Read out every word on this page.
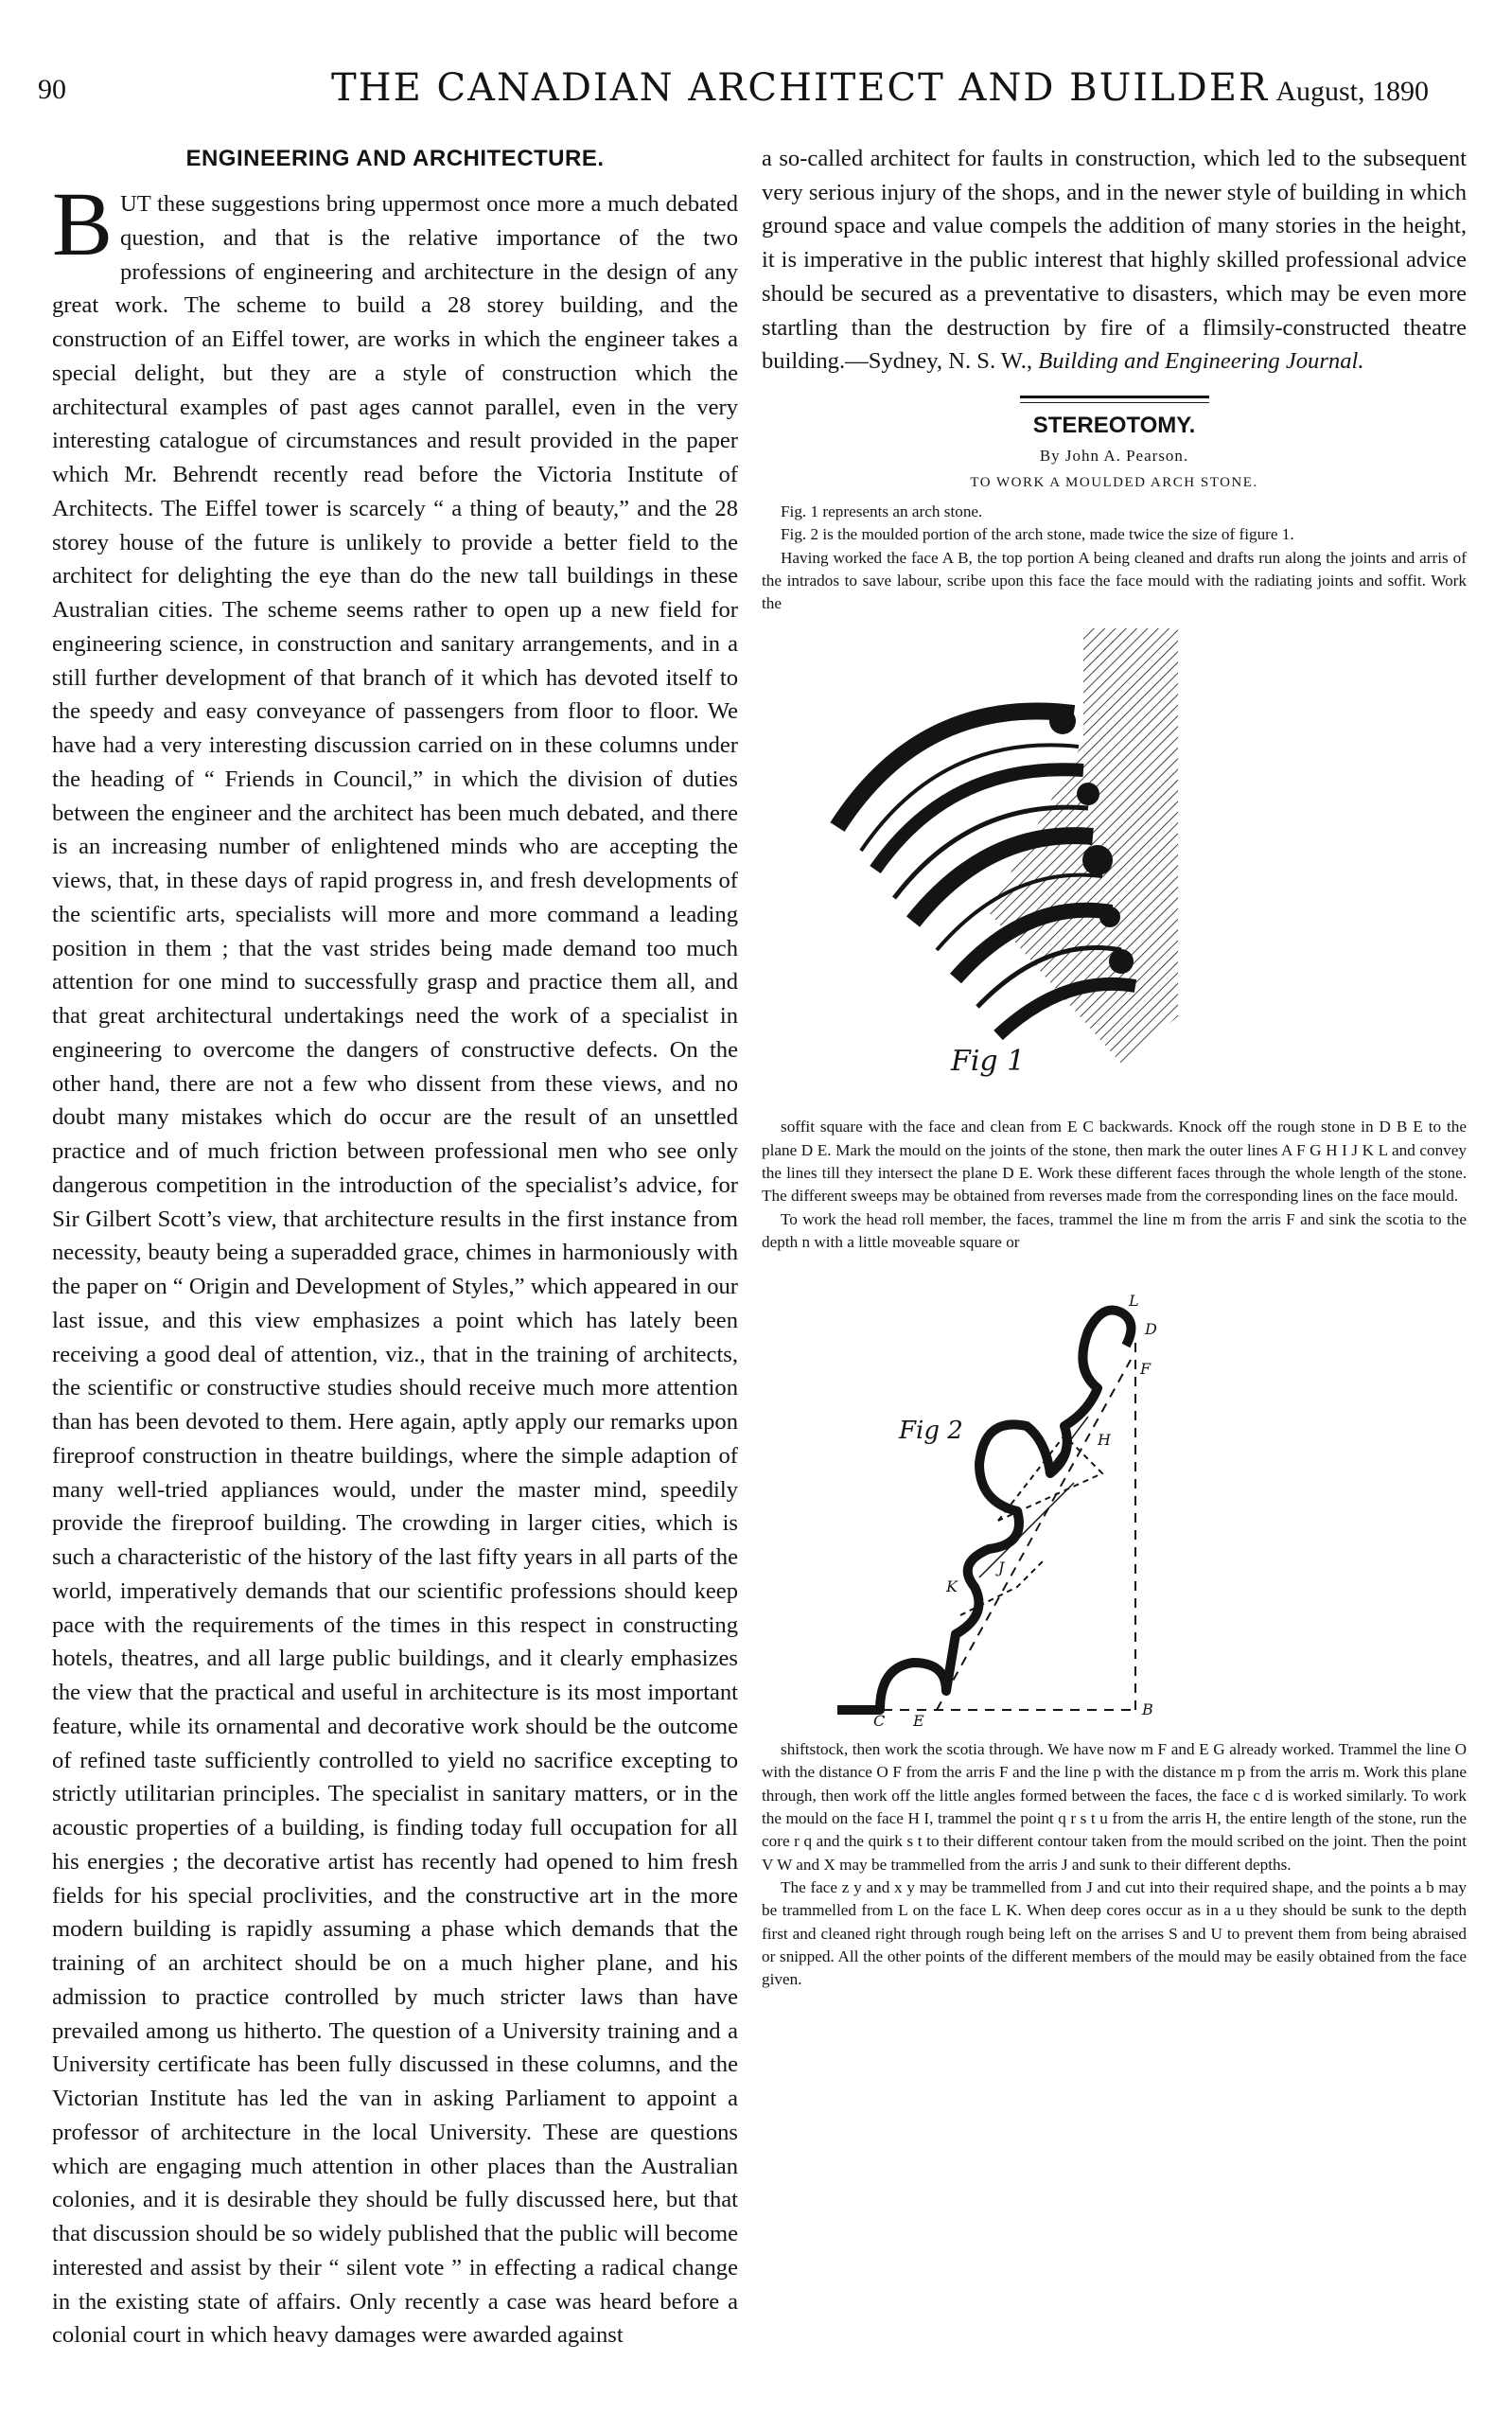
90	THE CANADIAN ARCHITECT AND BUILDER August, 1890
ENGINEERING AND ARCHITECTURE.
BUT these suggestions bring uppermost once more a much debated question, and that is the relative importance of the two professions of engineering and architecture in the design of any great work. The scheme to build a 28 storey building, and the construction of an Eiffel tower, are works in which the engineer takes a special delight, but they are a style of construction which the architectural examples of past ages cannot parallel, even in the very interesting catalogue of circumstances and result provided in the paper which Mr. Behrendt recently read before the Victoria Institute of Architects. The Eiffel tower is scarcely “ a thing of beauty,” and the 28 storey house of the future is unlikely to provide a better field to the architect for delighting the eye than do the new tall buildings in these Australian cities. The scheme seems rather to open up a new field for engineering science, in construction and sanitary arrangements, and in a still further development of that branch of it which has devoted itself to the speedy and easy conveyance of passengers from floor to floor. We have had a very interesting discussion carried on in these columns under the heading of “ Friends in Council,” in which the division of duties between the engineer and the architect has been much debated, and there is an increasing number of enlightened minds who are accepting the views, that, in these days of rapid progress in, and fresh developments of the scientific arts, specialists will more and more command a leading position in them ; that the vast strides being made demand too much attention for one mind to successfully grasp and practice them all, and that great architectural undertakings need the work of a specialist in engineering to overcome the dangers of constructive defects. On the other hand, there are not a few who dissent from these views, and no doubt many mistakes which do occur are the result of an unsettled practice and of much friction between professional men who see only dangerous competition in the introduction of the specialist’s advice, for Sir Gilbert Scott’s view, that architecture results in the first instance from necessity, beauty being a superadded grace, chimes in harmoniously with the paper on “ Origin and Development of Styles,” which appeared in our last issue, and this view emphasizes a point which has lately been receiving a good deal of attention, viz., that in the training of architects, the scientific or constructive studies should receive much more attention than has been devoted to them. Here again, aptly apply our remarks upon fireproof construction in theatre buildings, where the simple adaption of many well-tried appliances would, under the master mind, speedily provide the fireproof building. The crowding in larger cities, which is such a characteristic of the history of the last fifty years in all parts of the world, imperatively demands that our scientific professions should keep pace with the requirements of the times in this respect in constructing hotels, theatres, and all large public buildings, and it clearly emphasizes the view that the practical and useful in architecture is its most important feature, while its ornamental and decorative work should be the outcome of refined taste sufficiently controlled to yield no sacrifice excepting to strictly utilitarian principles. The specialist in sanitary matters, or in the acoustic properties of a building, is finding today full occupation for all his energies ; the decorative artist has recently had opened to him fresh fields for his special proclivities, and the constructive art in the more modern building is rapidly assuming a phase which demands that the training of an architect should be on a much higher plane, and his admission to practice controlled by much stricter laws than have prevailed among us hitherto. The question of a University training and a University certificate has been fully discussed in these columns, and the Victorian Institute has led the van in asking Parliament to appoint a professor of architecture in the local University. These are questions which are engaging much attention in other places than the Australian colonies, and it is desirable they should be fully discussed here, but that that discussion should be so widely published that the public will become interested and assist by their “ silent vote ” in effecting a radical change in the existing state of affairs. Only recently a case was heard before a colonial court in which heavy damages were awarded against
a so-called architect for faults in construction, which led to the subsequent very serious injury of the shops, and in the newer style of building in which ground space and value compels the addition of many stories in the height, it is imperative in the public interest that highly skilled professional advice should be secured as a preventative to disasters, which may be even more startling than the destruction by fire of a flimsily-constructed theatre building.—Sydney, N. S. W., Building and Engineering Journal.
STEREOTOMY.
By John A. Pearson.
TO WORK A MOULDED ARCH STONE.

Fig. 1 represents an arch stone.

Fig. 2 is the moulded portion of the arch stone, made twice the size of figure 1.

Having worked the face A B, the top portion A being cleaned and drafts run along the joints and arris of the intrados to save labour, scribe upon this face the face mould with the radiating joints and soffit. Work the

Fig 1

soffit square with the face and clean from E C backwards. Knock off the rough stone in D B E to the plane D E. Mark the mould on the joints of the stone, then mark the outer lines A F G H I J K L and convey the lines till they intersect the plane D E. Work these different faces through the whole length of the stone. The different sweeps may be obtained from reverses made from the corresponding lines on the face mould.

To work the head roll member, the faces, trammel the line m from the arris F and sink the scotia to the depth n with a little moveable square or

Fig 2
L
D
F
H
B
C E
K
J

shiftstock, then work the scotia through. We have now m F and E G already worked. Trammel the line O with the distance O F from the arris F and the line p with the distance m p from the arris m. Work this plane through, then work off the little angles formed between the faces, the face c d is worked similarly. To work the mould on the face H I, trammel the point q r s t u from the arris H, the entire length of the stone, run the core r q and the quirk s t to their different contour taken from the mould scribed on the joint. Then the point V W and X may be trammelled from the arris J and sunk to their different depths.

The face z y and x y may be trammelled from J and cut into their required shape, and the points a b may be trammelled from L on the face L K. When deep cores occur as in a u they should be sunk to the depth first and cleaned right through rough being left on the arrises S and U to prevent them from being abraised or snipped. All the other points of the different members of the mould may be easily obtained from the face given.
